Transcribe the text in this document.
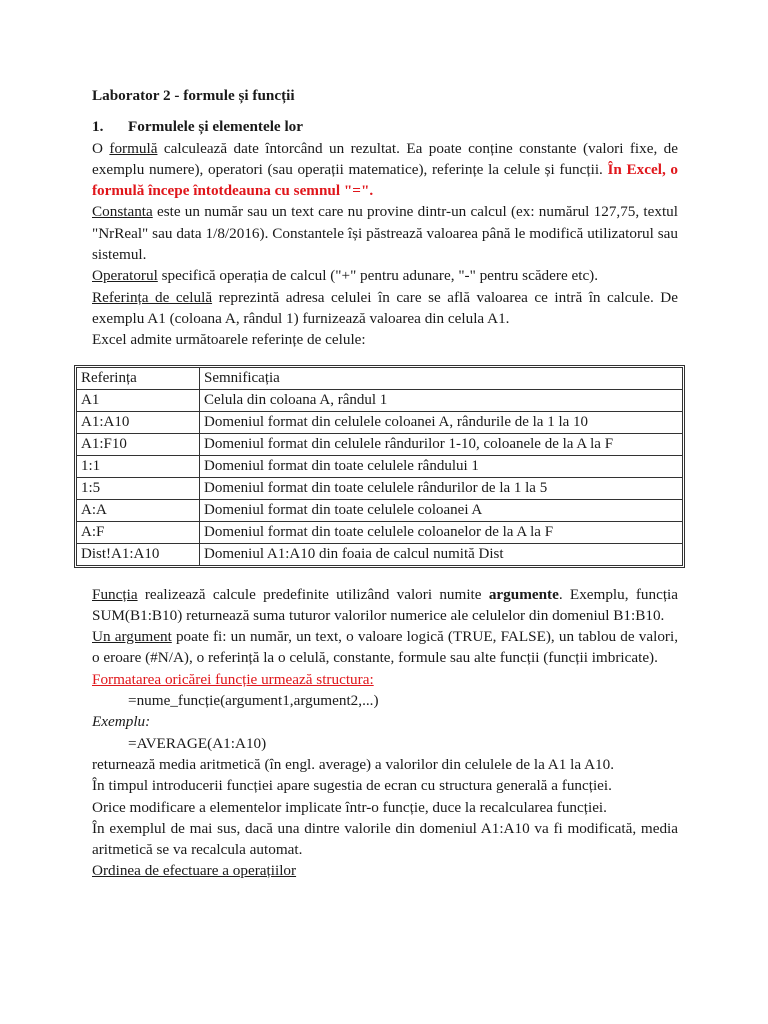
Laborator 2 - formule și funcții
1. Formulele și elementele lor
O formulă calculează date întorcând un rezultat. Ea poate conține constante (valori fixe, de exemplu numere), operatori (sau operații matematice), referințe la celule și funcții. În Excel, o formulă începe întotdeauna cu semnul "=".
Constanta este un număr sau un text care nu provine dintr-un calcul (ex: numărul 127,75, textul "NrReal" sau data 1/8/2016). Constantele își păstrează valoarea până le modifică utilizatorul sau sistemul.
Operatorul specifică operația de calcul ("+" pentru adunare, "-" pentru scădere etc).
Referința de celulă reprezintă adresa celulei în care se află valoarea ce intră în calcule. De exemplu A1 (coloana A, rândul 1) furnizează valoarea din celula A1.
Excel admite următoarele referințe de celule:
Referința	Semnificația
A1	Celula din coloana A, rândul 1
A1:A10	Domeniul format din celulele coloanei A, rândurile de la 1 la 10
A1:F10	Domeniul format din celulele rândurilor 1-10, coloanele de la A la F
1:1	Domeniul format din toate celulele rândului 1
1:5	Domeniul format din toate celulele rândurilor de la 1 la 5
A:A	Domeniul format din toate celulele coloanei A
A:F	Domeniul format din toate celulele coloanelor de la A la F
Dist!A1:A10	Domeniul A1:A10 din foaia de calcul numită Dist
Funcția realizează calcule predefinite utilizând valori numite argumente. Exemplu, funcția SUM(B1:B10) returnează suma tuturor valorilor numerice ale celulelor din domeniul B1:B10.
Un argument poate fi: un număr, un text, o valoare logică (TRUE, FALSE), un tablou de valori, o eroare (#N/A), o referință la o celulă, constante, formule sau alte funcții (funcții imbricate).
Formatarea oricărei funcție urmează structura:
=nume_funcție(argument1,argument2,...)
Exemplu:
=AVERAGE(A1:A10)
returnează media aritmetică (în engl. average) a valorilor din celulele de la A1 la A10.
În timpul introducerii funcției apare sugestia de ecran cu structura generală a funcției.
Orice modificare a elementelor implicate într-o funcție, duce la recalcularea funcției.
În exemplul de mai sus, dacă una dintre valorile din domeniul A1:A10 va fi modificată, media aritmetică se va recalcula automat.
Ordinea de efectuare a operațiilor
